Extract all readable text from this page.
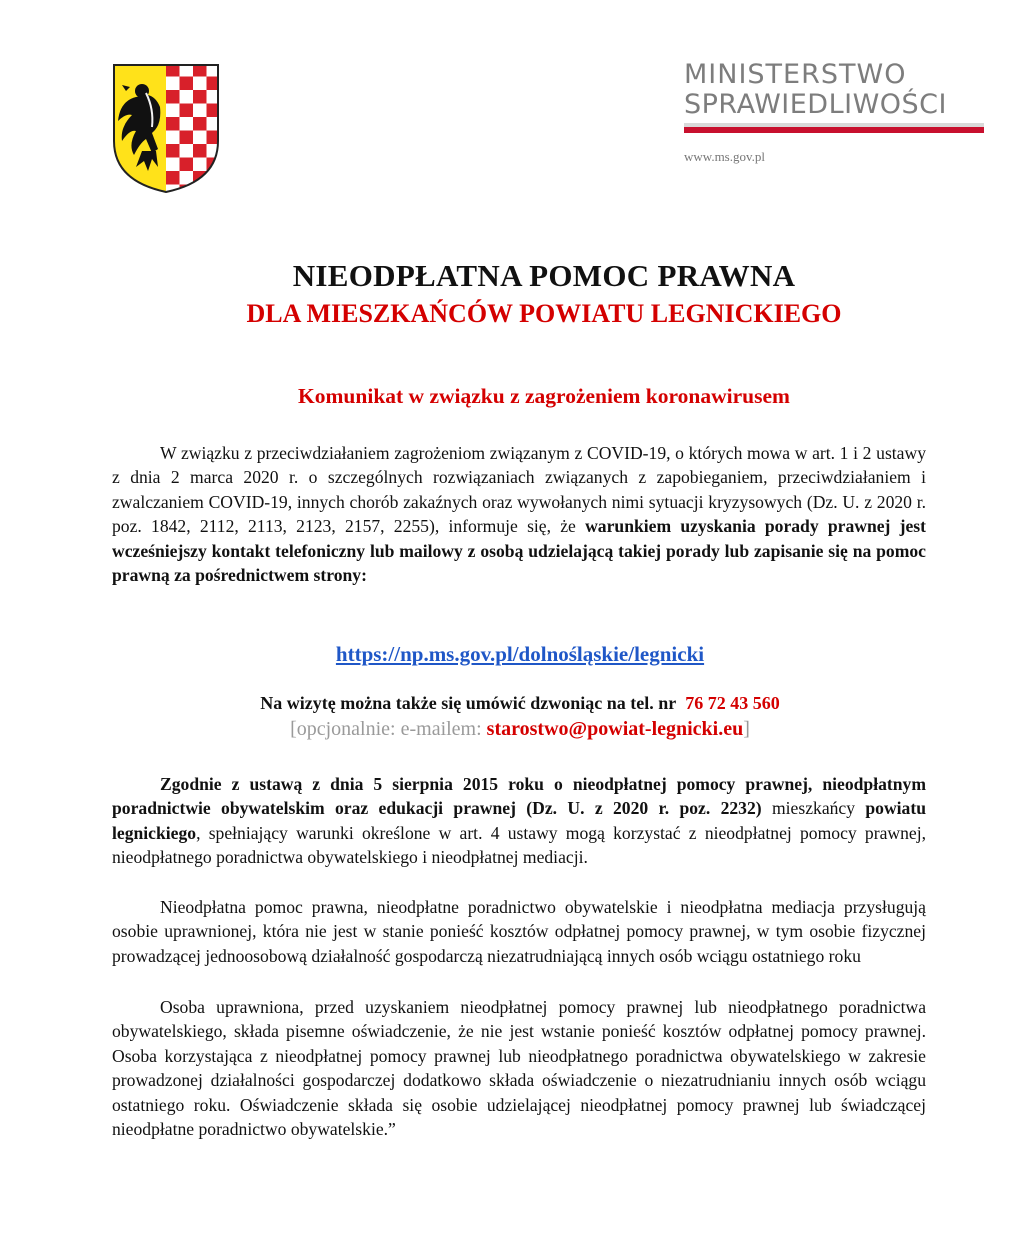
MINISTERSTWO
SPRAWIEDLIWOŚCI
www.ms.gov.pl
NIEODPŁATNA POMOC PRAWNA
DLA MIESZKAŃCÓW POWIATU LEGNICKIEGO
Komunikat w związku z zagrożeniem koronawirusem
W związku z przeciwdziałaniem zagrożeniom związanym z COVID-19, o których mowa w art. 1 i 2 ustawy z dnia 2 marca 2020 r. o szczególnych rozwiązaniach związanych z zapobieganiem, przeciwdziałaniem i zwalczaniem COVID-19, innych chorób zakaźnych oraz wywołanych nimi sytuacji kryzysowych (Dz. U. z 2020 r. poz. 1842, 2112, 2113, 2123, 2157, 2255), informuje się, że warunkiem uzyskania porady prawnej jest wcześniejszy kontakt telefoniczny lub mailowy z osobą udzielającą takiej porady lub zapisanie się na pomoc prawną za pośrednictwem strony:
https://np.ms.gov.pl/dolnośląskie/legnicki
Na wizytę można także się umówić dzwoniąc na tel. nr 76 72 43 560
[opcjonalnie: e-mailem: starostwo@powiat-legnicki.eu]
Zgodnie z ustawą z dnia 5 sierpnia 2015 roku o nieodpłatnej pomocy prawnej, nieodpłatnym poradnictwie obywatelskim oraz edukacji prawnej (Dz. U. z 2020 r. poz. 2232) mieszkańcy powiatu legnickiego, spełniający warunki określone w art. 4 ustawy mogą korzystać z nieodpłatnej pomocy prawnej, nieodpłatnego poradnictwa obywatelskiego i nieodpłatnej mediacji.
Nieodpłatna pomoc prawna, nieodpłatne poradnictwo obywatelskie i nieodpłatna mediacja przysługują osobie uprawnionej, która nie jest w stanie ponieść kosztów odpłatnej pomocy prawnej, w tym osobie fizycznej prowadzącej jednoosobową działalność gospodarczą niezatrudniającą innych osób wciągu ostatniego roku
Osoba uprawniona, przed uzyskaniem nieodpłatnej pomocy prawnej lub nieodpłatnego poradnictwa obywatelskiego, składa pisemne oświadczenie, że nie jest wstanie ponieść kosztów odpłatnej pomocy prawnej. Osoba korzystająca z nieodpłatnej pomocy prawnej lub nieodpłatnego poradnictwa obywatelskiego w zakresie prowadzonej działalności gospodarczej dodatkowo składa oświadczenie o niezatrudnianiu innych osób wciągu ostatniego roku. Oświadczenie składa się osobie udzielającej nieodpłatnej pomocy prawnej lub świadczącej nieodpłatne poradnictwo obywatelskie.”
